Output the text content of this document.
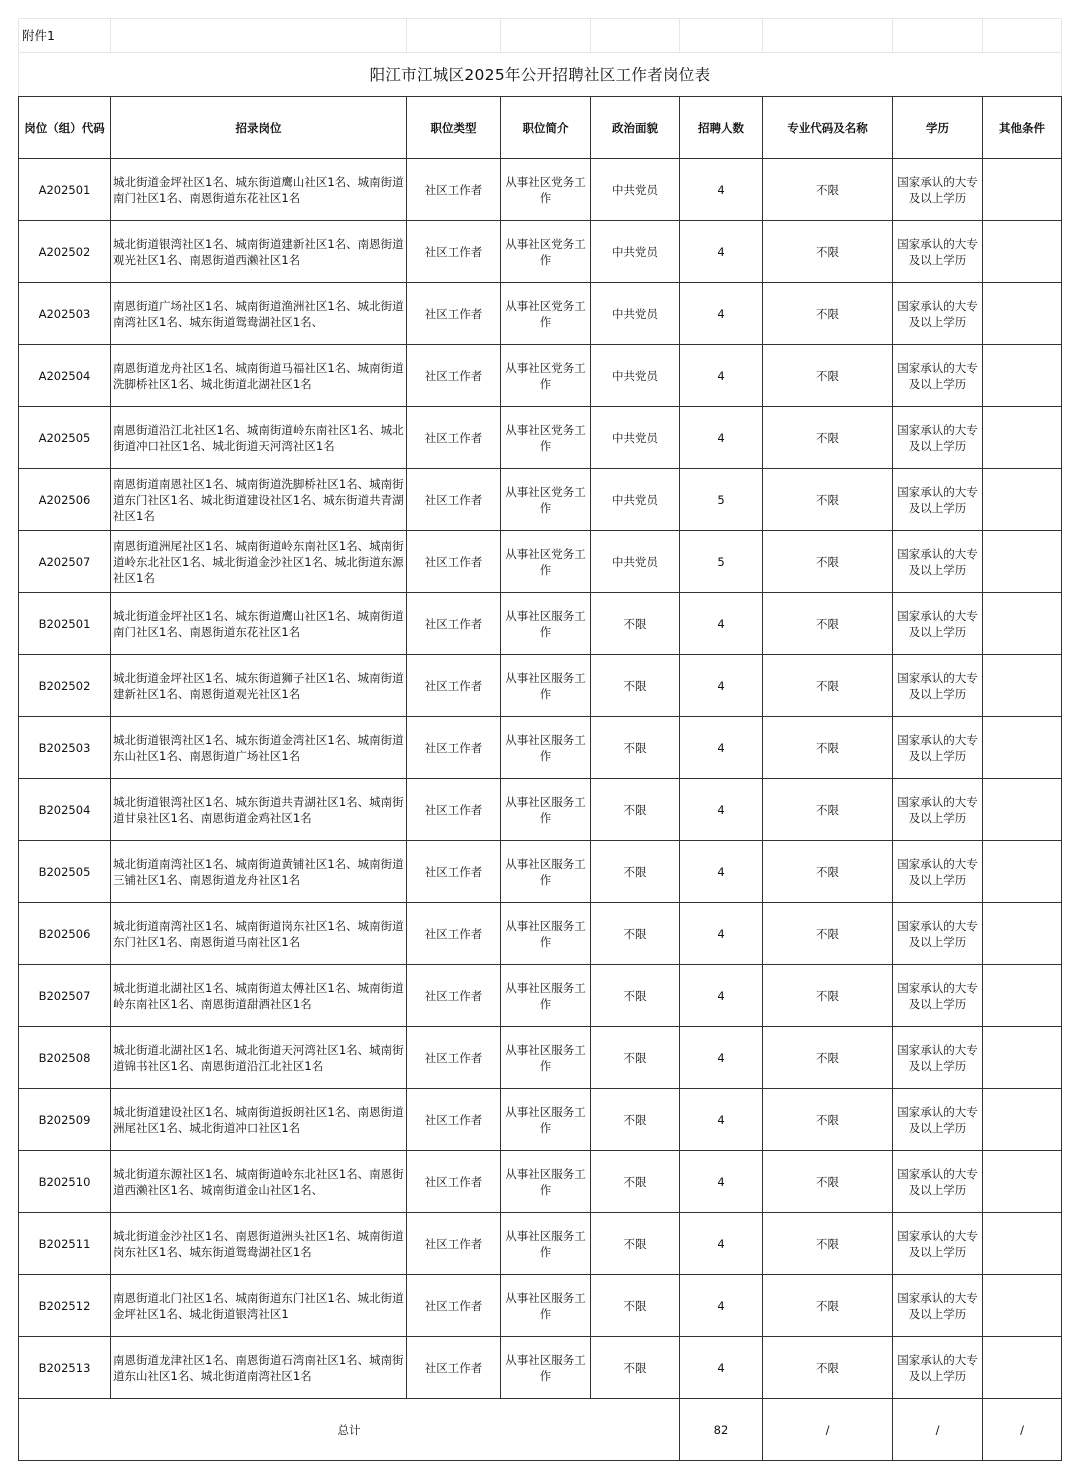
附件1								
阳江市江城区2025年公开招聘社区工作者岗位表								
岗位（组）代码	招录岗位	职位类型	职位简介	政治面貌	招聘人数	专业代码及名称	学历	其他条件
A202501	城北街道金坪社区1名、城东街道鹰山社区1名、城南街道南门社区1名、南恩街道东花社区1名	社区工作者	从事社区党务工作	中共党员	4	不限	国家承认的大专及以上学历	
A202502	城北街道银湾社区1名、城南街道建新社区1名、南恩街道观光社区1名、南恩街道西濑社区1名	社区工作者	从事社区党务工作	中共党员	4	不限	国家承认的大专及以上学历	
A202503	南恩街道广场社区1名、城南街道渔洲社区1名、城北街道南湾社区1名、城东街道鸳鸯湖社区1名、	社区工作者	从事社区党务工作	中共党员	4	不限	国家承认的大专及以上学历	
A202504	南恩街道龙舟社区1名、城南街道马福社区1名、城南街道洗脚桥社区1名、城北街道北湖社区1名	社区工作者	从事社区党务工作	中共党员	4	不限	国家承认的大专及以上学历	
A202505	南恩街道沿江北社区1名、城南街道岭东南社区1名、城北街道冲口社区1名、城北街道天河湾社区1名	社区工作者	从事社区党务工作	中共党员	4	不限	国家承认的大专及以上学历	
A202506	南恩街道南恩社区1名、城南街道洗脚桥社区1名、城南街道东门社区1名、城北街道建设社区1名、城东街道共青湖社区1名	社区工作者	从事社区党务工作	中共党员	5	不限	国家承认的大专及以上学历	
A202507	南恩街道洲尾社区1名、城南街道岭东南社区1名、城南街道岭东北社区1名、城北街道金沙社区1名、城北街道东源社区1名	社区工作者	从事社区党务工作	中共党员	5	不限	国家承认的大专及以上学历	
B202501	城北街道金坪社区1名、城东街道鹰山社区1名、城南街道南门社区1名、南恩街道东花社区1名	社区工作者	从事社区服务工作	不限	4	不限	国家承认的大专及以上学历	
B202502	城北街道金坪社区1名、城东街道狮子社区1名、城南街道建新社区1名、南恩街道观光社区1名	社区工作者	从事社区服务工作	不限	4	不限	国家承认的大专及以上学历	
B202503	城北街道银湾社区1名、城东街道金湾社区1名、城南街道东山社区1名、南恩街道广场社区1名	社区工作者	从事社区服务工作	不限	4	不限	国家承认的大专及以上学历	
B202504	城北街道银湾社区1名、城东街道共青湖社区1名、城南街道甘泉社区1名、南恩街道金鸡社区1名	社区工作者	从事社区服务工作	不限	4	不限	国家承认的大专及以上学历	
B202505	城北街道南湾社区1名、城南街道黄铺社区1名、城南街道三铺社区1名、南恩街道龙舟社区1名	社区工作者	从事社区服务工作	不限	4	不限	国家承认的大专及以上学历	
B202506	城北街道南湾社区1名、城南街道岗东社区1名、城南街道东门社区1名、南恩街道马南社区1名	社区工作者	从事社区服务工作	不限	4	不限	国家承认的大专及以上学历	
B202507	城北街道北湖社区1名、城南街道太傅社区1名、城南街道岭东南社区1名、南恩街道甜酒社区1名	社区工作者	从事社区服务工作	不限	4	不限	国家承认的大专及以上学历	
B202508	城北街道北湖社区1名、城北街道天河湾社区1名、城南街道锦书社区1名、南恩街道沿江北社区1名	社区工作者	从事社区服务工作	不限	4	不限	国家承认的大专及以上学历	
B202509	城北街道建设社区1名、城南街道扳朗社区1名、南恩街道洲尾社区1名、城北街道冲口社区1名	社区工作者	从事社区服务工作	不限	4	不限	国家承认的大专及以上学历	
B202510	城北街道东源社区1名、城南街道岭东北社区1名、南恩街道西濑社区1名、城南街道金山社区1名、	社区工作者	从事社区服务工作	不限	4	不限	国家承认的大专及以上学历	
B202511	城北街道金沙社区1名、南恩街道洲头社区1名、城南街道岗东社区1名、城东街道鸳鸯湖社区1名	社区工作者	从事社区服务工作	不限	4	不限	国家承认的大专及以上学历	
B202512	南恩街道北门社区1名、城南街道东门社区1名、城北街道金坪社区1名、城北街道银湾社区1	社区工作者	从事社区服务工作	不限	4	不限	国家承认的大专及以上学历	
B202513	南恩街道龙津社区1名、南恩街道石湾南社区1名、城南街道东山社区1名、城北街道南湾社区1名	社区工作者	从事社区服务工作	不限	4	不限	国家承认的大专及以上学历	
总计					82	/	/	/
